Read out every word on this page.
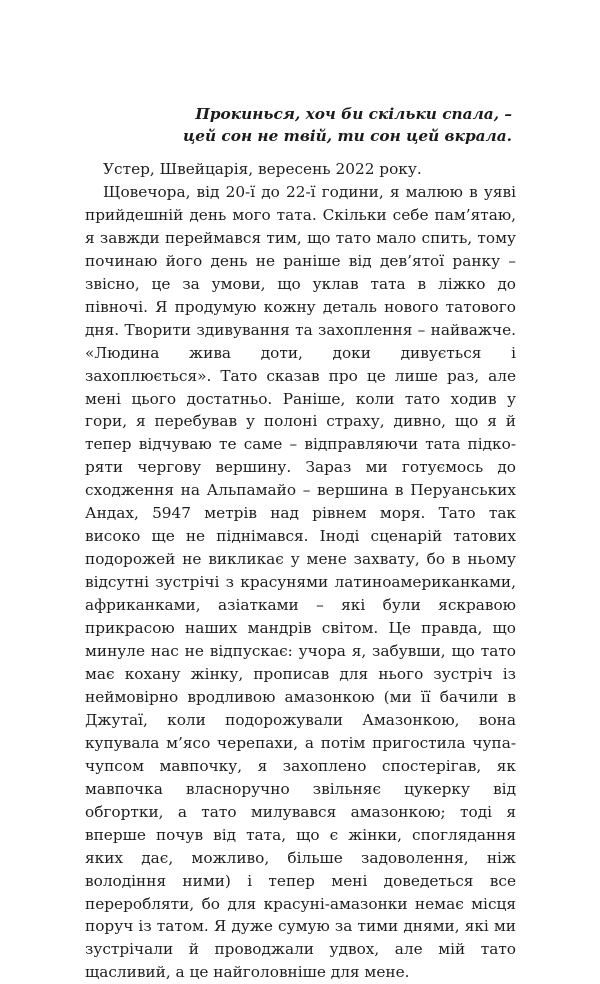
Прокинься, хоч би скільки спала, –
цей сон не твій, ти сон цей вкрала.

Устер, Швейцарія, вересень 2022 року.

Щовечора, від 20-ї до 22-ї години, я малюю в уяві прийдешній день мого тата. Скільки себе пам’ятаю, я завжди переймався тим, що тато мало спить, тому починаю його день не раніше від дев’ятої ранку – звісно, це за умови, що уклав тата в ліжко до півночі. Я продумую кожну деталь нового татового дня. Творити здивування та захоплення – найважче. «Людина жива доти, доки дивується і захоплюється». Тато сказав про це лише раз, але мені цього достатньо. Раніше, коли тато ходив у гори, я перебував у полоні страху, дивно, що я й тепер відчуваю те саме – відправляючи тата підкоряти чергову вершину. Зараз ми готуємось до сходження на Альпамайо – вершина в Перуанських Андах, 5947 метрів над рівнем моря. Тато так високо ще не піднімався. Іноді сценарій татових подорожей не викликає у мене захвату, бо в ньому відсутні зустрічі з красунями латиноамериканками, африканками, азіатками – які були яскравою прикрасою наших мандрів світом. Це правда, що минуле нас не відпускає: учора я, забувши, що тато має кохану жінку, прописав для нього зустріч із неймовірно вродливою амазонкою (ми її бачили в Джутаї, коли подорожували Амазонкою, вона купувала м’ясо черепахи, а потім пригостила чупа-чупсом мавпочку, я захоплено спостерігав, як мавпочка власноручно звільняє цукерку від обгортки, а тато милувався амазонкою; тоді я вперше почув від тата, що є жінки, споглядання яких дає, можливо, більше задоволення, ніж володіння ними) і тепер мені доведеться все переробляти, бо для красуні-амазонки немає місця поруч із татом. Я дуже сумую за тими днями, які ми зустрічали й проводжали удвох, але мій тато щасливий, а це найголовніше для мене.
